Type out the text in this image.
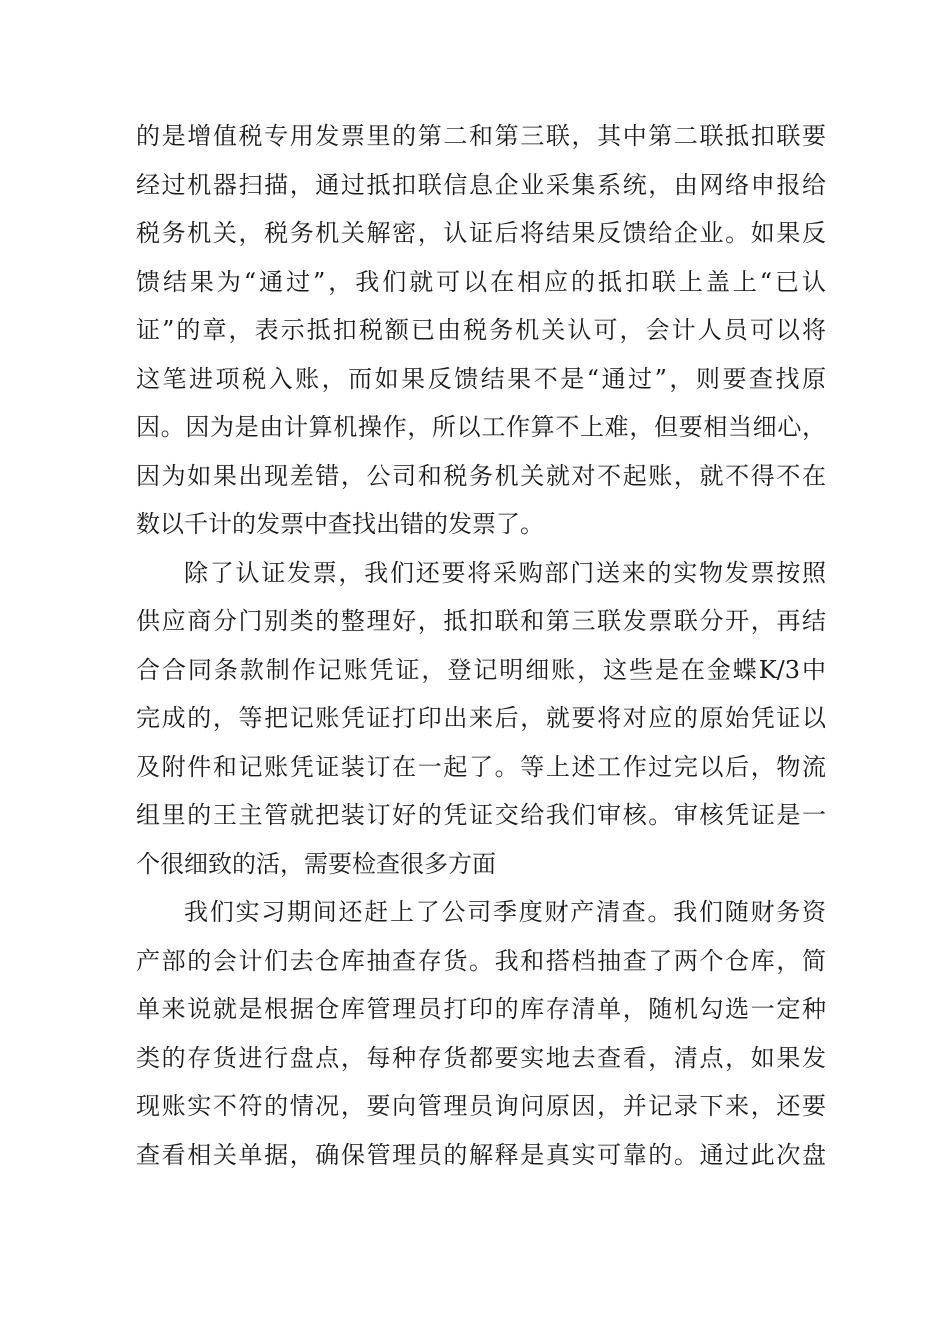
的是增值税专用发票里的第二和第三联，其中第二联抵扣联要
经过机器扫描，通过抵扣联信息企业采集系统，由网络申报给
税务机关，税务机关解密，认证后将结果反馈给企业。如果反
馈结果为“通过”，我们就可以在相应的抵扣联上盖上“已认
证”的章，表示抵扣税额已由税务机关认可，会计人员可以将
这笔进项税入账，而如果反馈结果不是“通过”，则要查找原
因。因为是由计算机操作，所以工作算不上难，但要相当细心，
因为如果出现差错，公司和税务机关就对不起账，就不得不在
数以千计的发票中查找出错的发票了。
除了认证发票，我们还要将采购部门送来的实物发票按照
供应商分门别类的整理好，抵扣联和第三联发票联分开，再结
合合同条款制作记账凭证，登记明细账，这些是在金蝶K/3中
完成的，等把记账凭证打印出来后，就要将对应的原始凭证以
及附件和记账凭证装订在一起了。等上述工作过完以后，物流
组里的王主管就把装订好的凭证交给我们审核。审核凭证是一
个很细致的活，需要检查很多方面
我们实习期间还赶上了公司季度财产清查。我们随财务资
产部的会计们去仓库抽查存货。我和搭档抽查了两个仓库，简
单来说就是根据仓库管理员打印的库存清单，随机勾选一定种
类的存货进行盘点，每种存货都要实地去查看，清点，如果发
现账实不符的情况，要向管理员询问原因，并记录下来，还要
查看相关单据，确保管理员的解释是真实可靠的。通过此次盘
